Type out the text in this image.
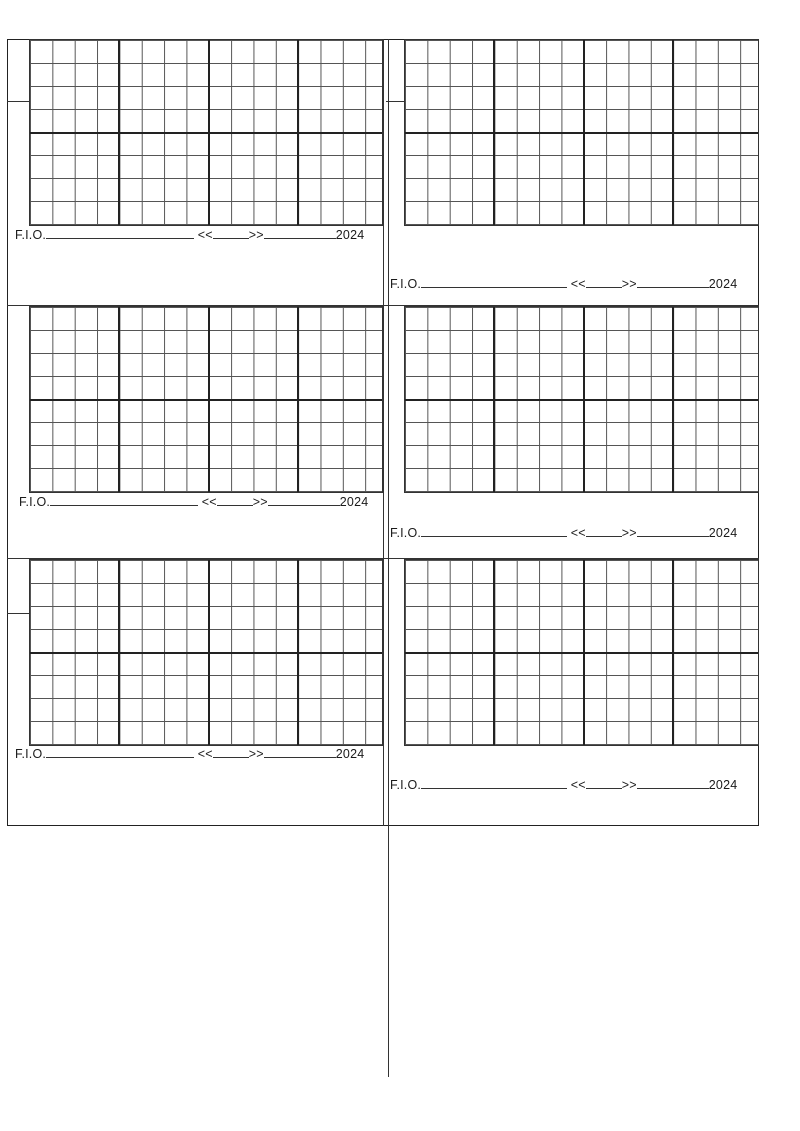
F.I.O.	<<	>>	2024
F.I.O.	<<	>>	2024
F.I.O.	<<	>>	2024
F.I.O.	<<	>>	2024
F.I.O.	<<	>>	2024
F.I.O.	<<	>>	2024
